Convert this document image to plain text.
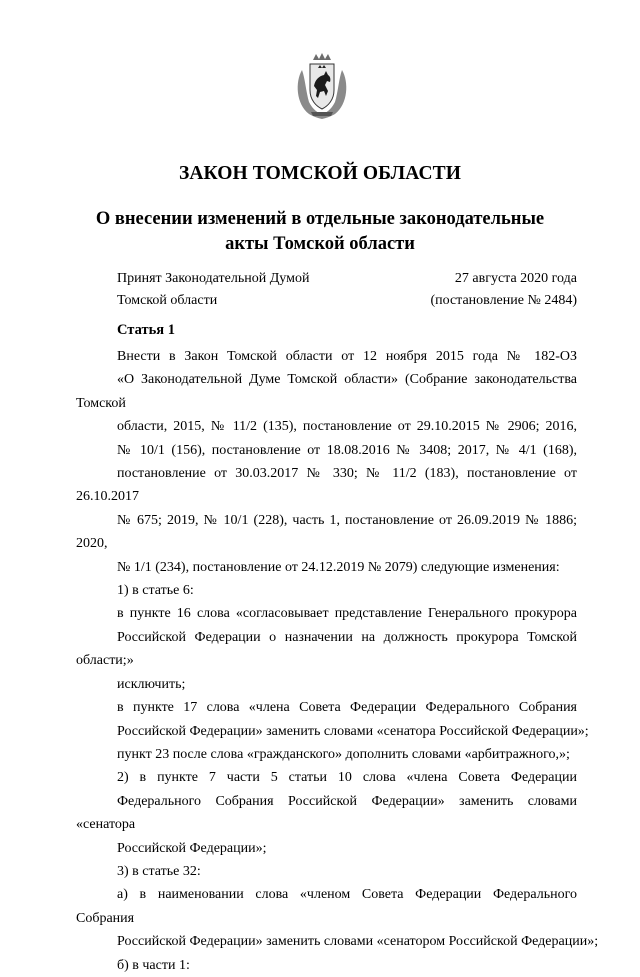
ЗАКОН ТОМСКОЙ ОБЛАСТИ
О внесении изменений в отдельные законодательные
акты Томской области
Принят Законодательной Думой
Томской области
27 августа 2020 года
(постановление № 2484)
Статья 1

Внести в Закон Томской области от 12 ноября 2015 года № 182-ОЗ
«О Законодательной Думе Томской области» (Собрание законодательства Томской
области, 2015, № 11/2 (135), постановление от 29.10.2015 № 2906; 2016,
№ 10/1 (156), постановление от 18.08.2016 № 3408; 2017, № 4/1 (168),
постановление от 30.03.2017 № 330; № 11/2 (183), постановление от 26.10.2017
№ 675; 2019, № 10/1 (228), часть 1, постановление от 26.09.2019 № 1886; 2020,
№ 1/1 (234), постановление от 24.12.2019 № 2079) следующие изменения:

1) в статье 6:

в пункте 16 слова «согласовывает представление Генерального прокурора
Российской Федерации о назначении на должность прокурора Томской области;»
исключить;

в пункте 17 слова «члена Совета Федерации Федерального Собрания
Российской Федерации» заменить словами «сенатора Российской Федерации»;

пункт 23 после слова «гражданского» дополнить словами «арбитражного,»;

2) в пункте 7 части 5 статьи 10 слова «члена Совета Федерации
Федерального Собрания Российской Федерации» заменить словами «сенатора
Российской Федерации»;

3) в статье 32:

а) в наименовании слова «членом Совета Федерации Федерального Собрания
Российской Федерации» заменить словами «сенатором Российской Федерации»;

б) в части 1:
